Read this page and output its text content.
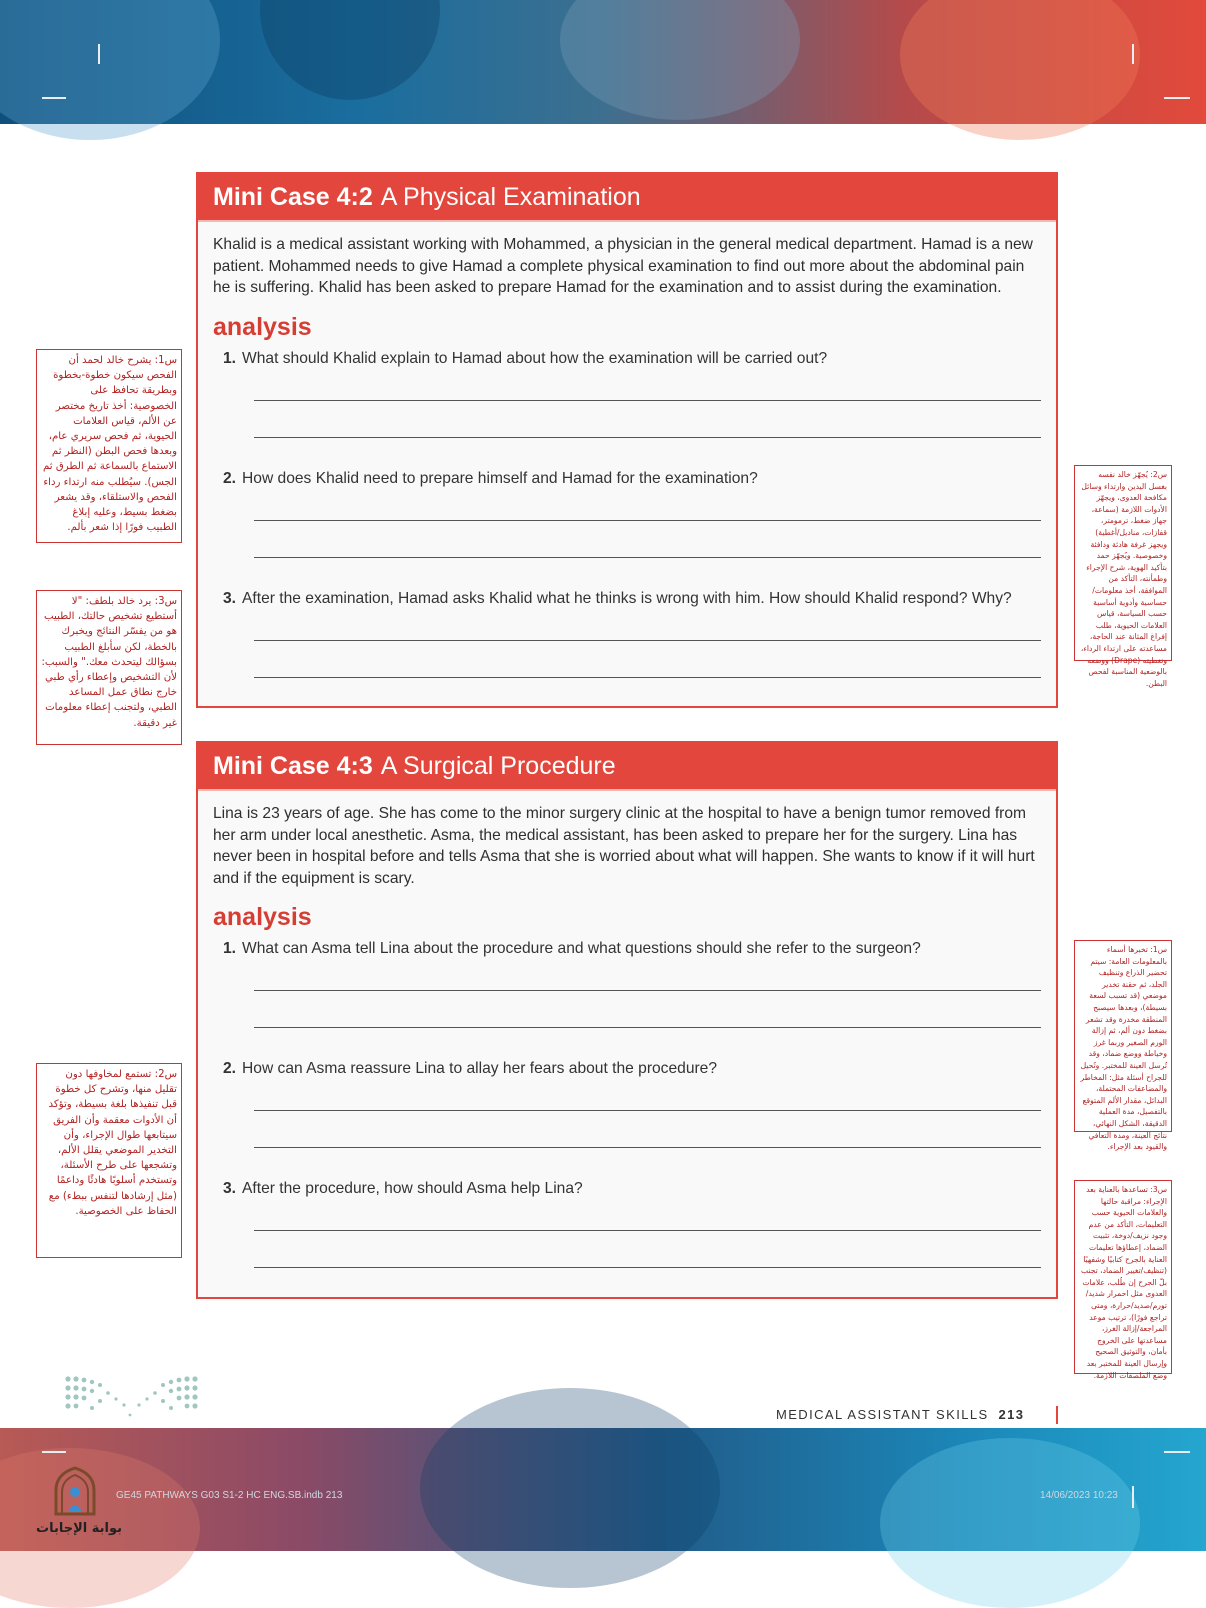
Mini Case 4:2 A Physical Examination

Khalid is a medical assistant working with Mohammed, a physician in the general medical department. Hamad is a new patient. Mohammed needs to give Hamad a complete physical examination to find out more about the abdominal pain he is suffering. Khalid has been asked to prepare Hamad for the examination and to assist during the examination.

analysis

1. What should Khalid explain to Hamad about how the examination will be carried out?

2. How does Khalid need to prepare himself and Hamad for the examination?

3. After the examination, Hamad asks Khalid what he thinks is wrong with him. How should Khalid respond? Why?

Mini Case 4:3 A Surgical Procedure

Lina is 23 years of age. She has come to the minor surgery clinic at the hospital to have a benign tumor removed from her arm under local anesthetic. Asma, the medical assistant, has been asked to prepare her for the surgery. Lina has never been in hospital before and tells Asma that she is worried about what will happen. She wants to know if it will hurt and if the equipment is scary.

analysis

1. What can Asma tell Lina about the procedure and what questions should she refer to the surgeon?

2. How can Asma reassure Lina to allay her fears about the procedure?

3. After the procedure, how should Asma help Lina?

س1: يشرح خالد لحمد أن الفحص سيكون خطوة-بخطوة وبطريقة تحافظ على الخصوصية: أخذ تاريخ مختصر عن الألم، قياس العلامات الحيوية، ثم فحص سريري عام، وبعدها فحص البطن (النظر ثم الاستماع بالسماعة ثم الطرق ثم الجس). سيُطلب منه ارتداء رداء الفحص والاستلقاء، وقد يشعر بضغط بسيط، وعليه إبلاغ الطبيب فورًا إذا شعر بألم.
س3: يرد خالد بلطف: "لا أستطيع تشخيص حالتك، الطبيب هو من يفسّر النتائج ويخبرك بالخطة، لكن سأبلغ الطبيب بسؤالك ليتحدث معك." والسبب: لأن التشخيص وإعطاء رأي طبي خارج نطاق عمل المساعد الطبي، ولتجنب إعطاء معلومات غير دقيقة.
س2: يُجهّز خالد نفسه بغسل اليدين وارتداء وسائل مكافحة العدوى، ويجهّز الأدوات اللازمة (سماعة، جهاز ضغط، ترمومتر، قفازات، مناديل/أغطية) ويجهز غرفة هادئة ودافئة وخصوصية. ويُجهّز حمد بتأكيد الهوية، شرح الإجراء وطمأنته، التأكد من الموافقة، أخذ معلومات/حساسية وأدوية أساسية حسب السياسة، قياس العلامات الحيوية، طلب إفراغ المثانة عند الحاجة، مساعدته على ارتداء الرداء، وتغطيته (Drape) ووضعه بالوضعية المناسبة لفحص البطن.
س1: تخبرها أسماء بالمعلومات العامة: سيتم تحضير الذراع وتنظيف الجلد، ثم حقنة تخدير موضعي (قد تسبب لسعة بسيطة)، وبعدها سيصبح المنطقة مخدرة وقد تشعر بضغط دون ألم، ثم إزالة الورم الصغير وربما غرز وخياطة ووضع ضماد، وقد تُرسل العينة للمختبر. وتُحيل للجراح أسئلة مثل: المخاطر والمضاعفات المحتملة، البدائل، مقدار الألم المتوقع بالتفصيل، مدة العملية الدقيقة، الشكل النهائي، نتائج العينة، ومدة التعافي والقيود بعد الإجراء.
س2: تستمع لمخاوفها دون تقليل منها، وتشرح كل خطوة قبل تنفيذها بلغة بسيطة، وتؤكد أن الأدوات معقمة وأن الفريق سيتابعها طوال الإجراء، وأن التخدير الموضعي يقلل الألم، وتشجعها على طرح الأسئلة، وتستخدم أسلوبًا هادئًا وداعمًا (مثل إرشادها لتنفس ببطء) مع الحفاظ على الخصوصية.
س3: تساعدها بالعناية بعد الإجراء: مراقبة حالتها والعلامات الحيوية حسب التعليمات، التأكد من عدم وجود نزيف/دوخة، تثبيت الضماد، إعطاؤها تعليمات العناية بالجرح كتابيًا وشفهيًا (تنظيف/تغيير الضماد، تجنب بلّ الجرح إن طُلب، علامات العدوى مثل احمرار شديد/تورم/صديد/حرارة، ومتى تراجع فورًا)، ترتيب موعد المراجعة/إزالة الغرز، مساعدتها على الخروج بأمان، والتوثيق الصحيح وإرسال العينة للمختبر بعد وضع الملصقات اللازمة.
MEDICAL ASSISTANT SKILLS 213
GE45 PATHWAYS G03 S1-2 HC ENG.SB.indb 213	14/06/2023 10:23
بوابة الإجابات
